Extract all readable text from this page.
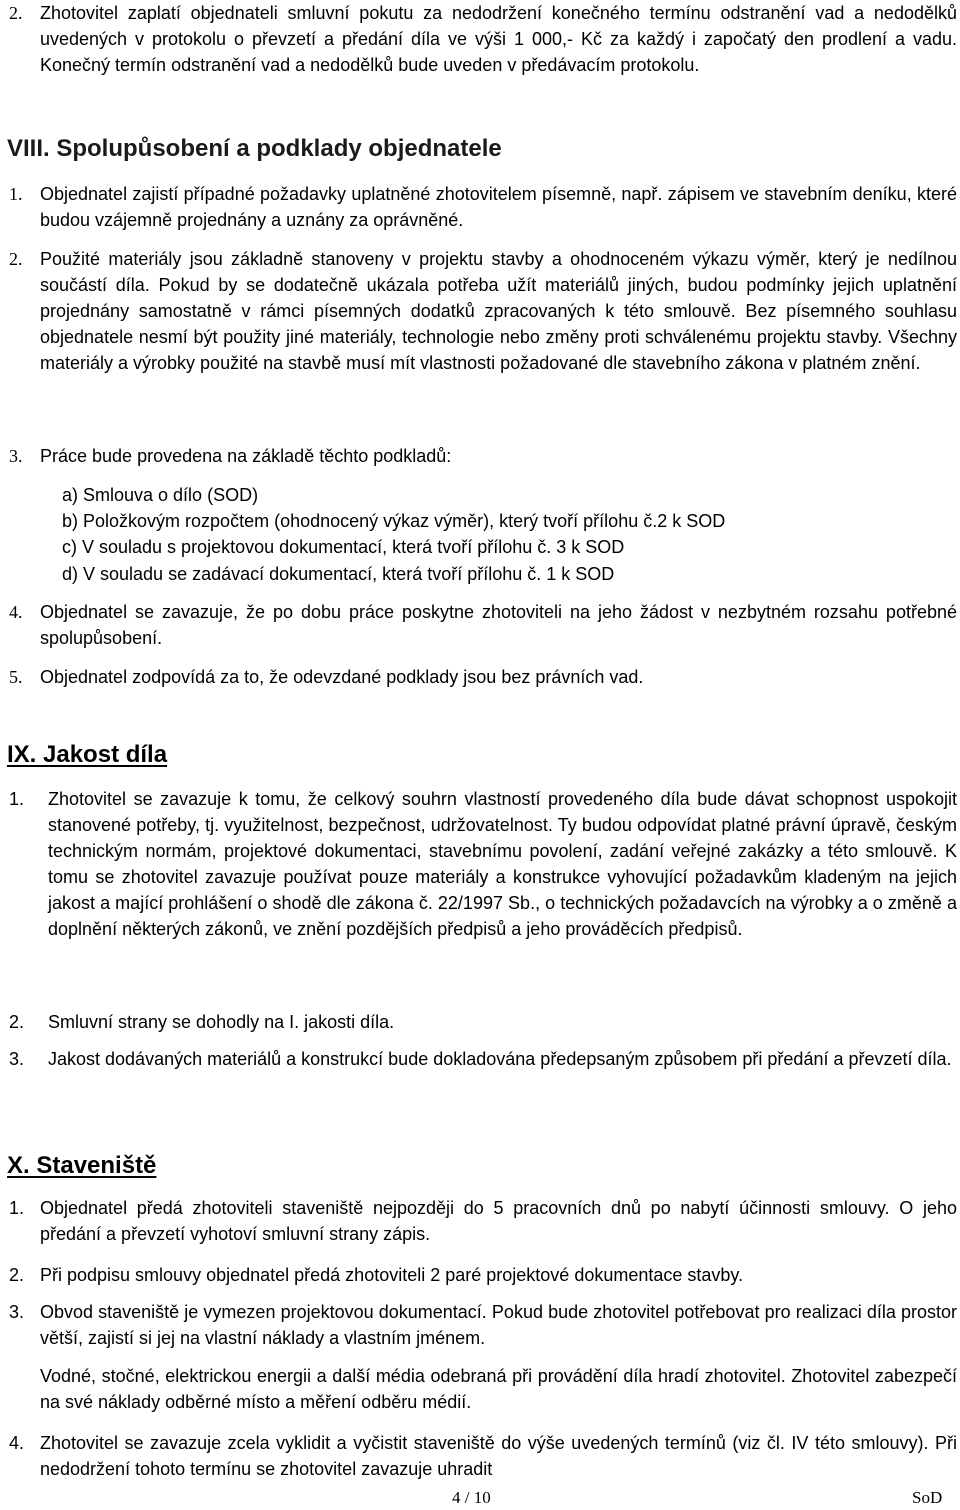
2. Zhotovitel zaplatí objednateli smluvní pokutu za nedodržení konečného termínu odstranění vad a nedodělků uvedených v protokolu o převzetí a předání díla ve výši 1 000,- Kč za každý i započatý den prodlení a vadu. Konečný termín odstranění vad a nedodělků bude uveden v předávacím protokolu.
VIII. Spolupůsobení a podklady objednatele
1. Objednatel zajistí případné požadavky uplatněné zhotovitelem písemně, např. zápisem ve stavebním deníku, které budou vzájemně projednány a uznány za oprávněné.
2. Použité materiály jsou základně stanoveny v projektu stavby a ohodnoceném výkazu výměr, který je nedílnou součástí díla. Pokud by se dodatečně ukázala potřeba užít materiálů jiných, budou podmínky jejich uplatnění projednány samostatně v rámci písemných dodatků zpracovaných k této smlouvě. Bez písemného souhlasu objednatele nesmí být použity jiné materiály, technologie nebo změny proti schválenému projektu stavby. Všechny materiály a výrobky použité na stavbě musí mít vlastnosti požadované dle stavebního zákona v platném znění.
3. Práce bude provedena na základě těchto podkladů:
a) Smlouva o dílo (SOD)
b) Položkovým rozpočtem (ohodnocený výkaz výměr), který tvoří přílohu č.2 k SOD
c) V souladu s projektovou dokumentací, která tvoří přílohu č. 3 k SOD
d) V souladu se zadávací dokumentací, která tvoří přílohu č. 1 k SOD
4. Objednatel se zavazuje, že po dobu práce poskytne zhotoviteli na jeho žádost v nezbytném rozsahu potřebné spolupůsobení.
5. Objednatel zodpovídá za to, že odevzdané podklady jsou bez právních vad.
IX. Jakost díla
1. Zhotovitel se zavazuje k tomu, že celkový souhrn vlastností provedeného díla bude dávat schopnost uspokojit stanovené potřeby, tj. využitelnost, bezpečnost, udržovatelnost. Ty budou odpovídat platné právní úpravě, českým technickým normám, projektové dokumentaci, stavebnímu povolení, zadání veřejné zakázky a této smlouvě. K tomu se zhotovitel zavazuje používat pouze materiály a konstrukce vyhovující požadavkům kladeným na jejich jakost a mající prohlášení o shodě dle zákona č. 22/1997 Sb., o technických požadavcích na výrobky a o změně a doplnění některých zákonů, ve znění pozdějších předpisů a jeho prováděcích předpisů.
2. Smluvní strany se dohodly na I. jakosti díla.
3. Jakost dodávaných materiálů a konstrukcí bude dokladována předepsaným způsobem při předání a převzetí díla.
X. Staveniště
1. Objednatel předá zhotoviteli staveniště nejpozději do 5 pracovních dnů po nabytí účinnosti smlouvy. O jeho předání a převzetí vyhotoví smluvní strany zápis.
2. Při podpisu smlouvy objednatel předá zhotoviteli 2 paré projektové dokumentace stavby.
3. Obvod staveniště je vymezen projektovou dokumentací. Pokud bude zhotovitel potřebovat pro realizaci díla prostor větší, zajistí si jej na vlastní náklady a vlastním jménem.
Vodné, stočné, elektrickou energii a další média odebraná při provádění díla hradí zhotovitel. Zhotovitel zabezpečí na své náklady odběrné místo a měření odběru médií.
4. Zhotovitel se zavazuje zcela vyklidit a vyčistit staveniště do výše uvedených termínů (viz čl. IV této smlouvy). Při nedodržení tohoto termínu se zhotovitel zavazuje uhradit
4 / 10	SoD
